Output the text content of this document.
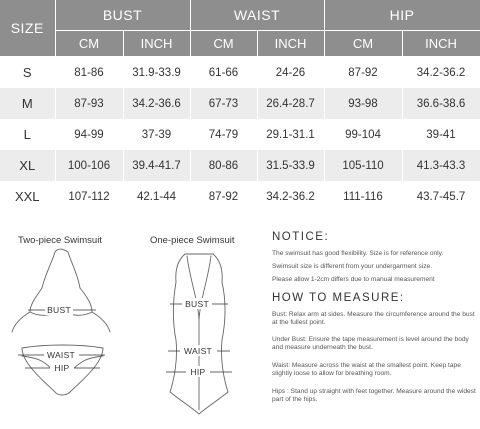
SIZE	BUST		WAIST		HIP	
	CM	INCH	CM	INCH	CM	INCH
S	81-86	31.9-33.9	61-66	24-26	87-92	34.2-36.2
M	87-93	34.2-36.6	67-73	26.4-28.7	93-98	36.6-38.6
L	94-99	37-39	74-79	29.1-31.1	99-104	39-41
XL	100-106	39.4-41.7	80-86	31.5-33.9	105-110	41.3-43.3
XXL	107-112	42.1-44	87-92	34.2-36.2	111-116	43.7-45.7
Two-piece Swimsuit	One-piece Swimsuit
BUST
WAIST
HIP
BUST
WAIST
HIP
NOTICE:

The swimsuit has good flexibility. Size is for reference only.

Swimsuit size is different from your undergarment size.

Please allow 1-2cm differs due to manual measurement

HOW TO MEASURE:

Bust: Relax arm at sides. Measure the circumference around the bust at the fullest point.

Under Bust: Ensure the tape measurement is level around the body and measure underneath the bust.

Waist: Measure across the waist at the smallest point. Keep tape slightly loose to allow for breathing room.

Hips : Stand up straight with feet together. Measure around the widest part of the hips.
